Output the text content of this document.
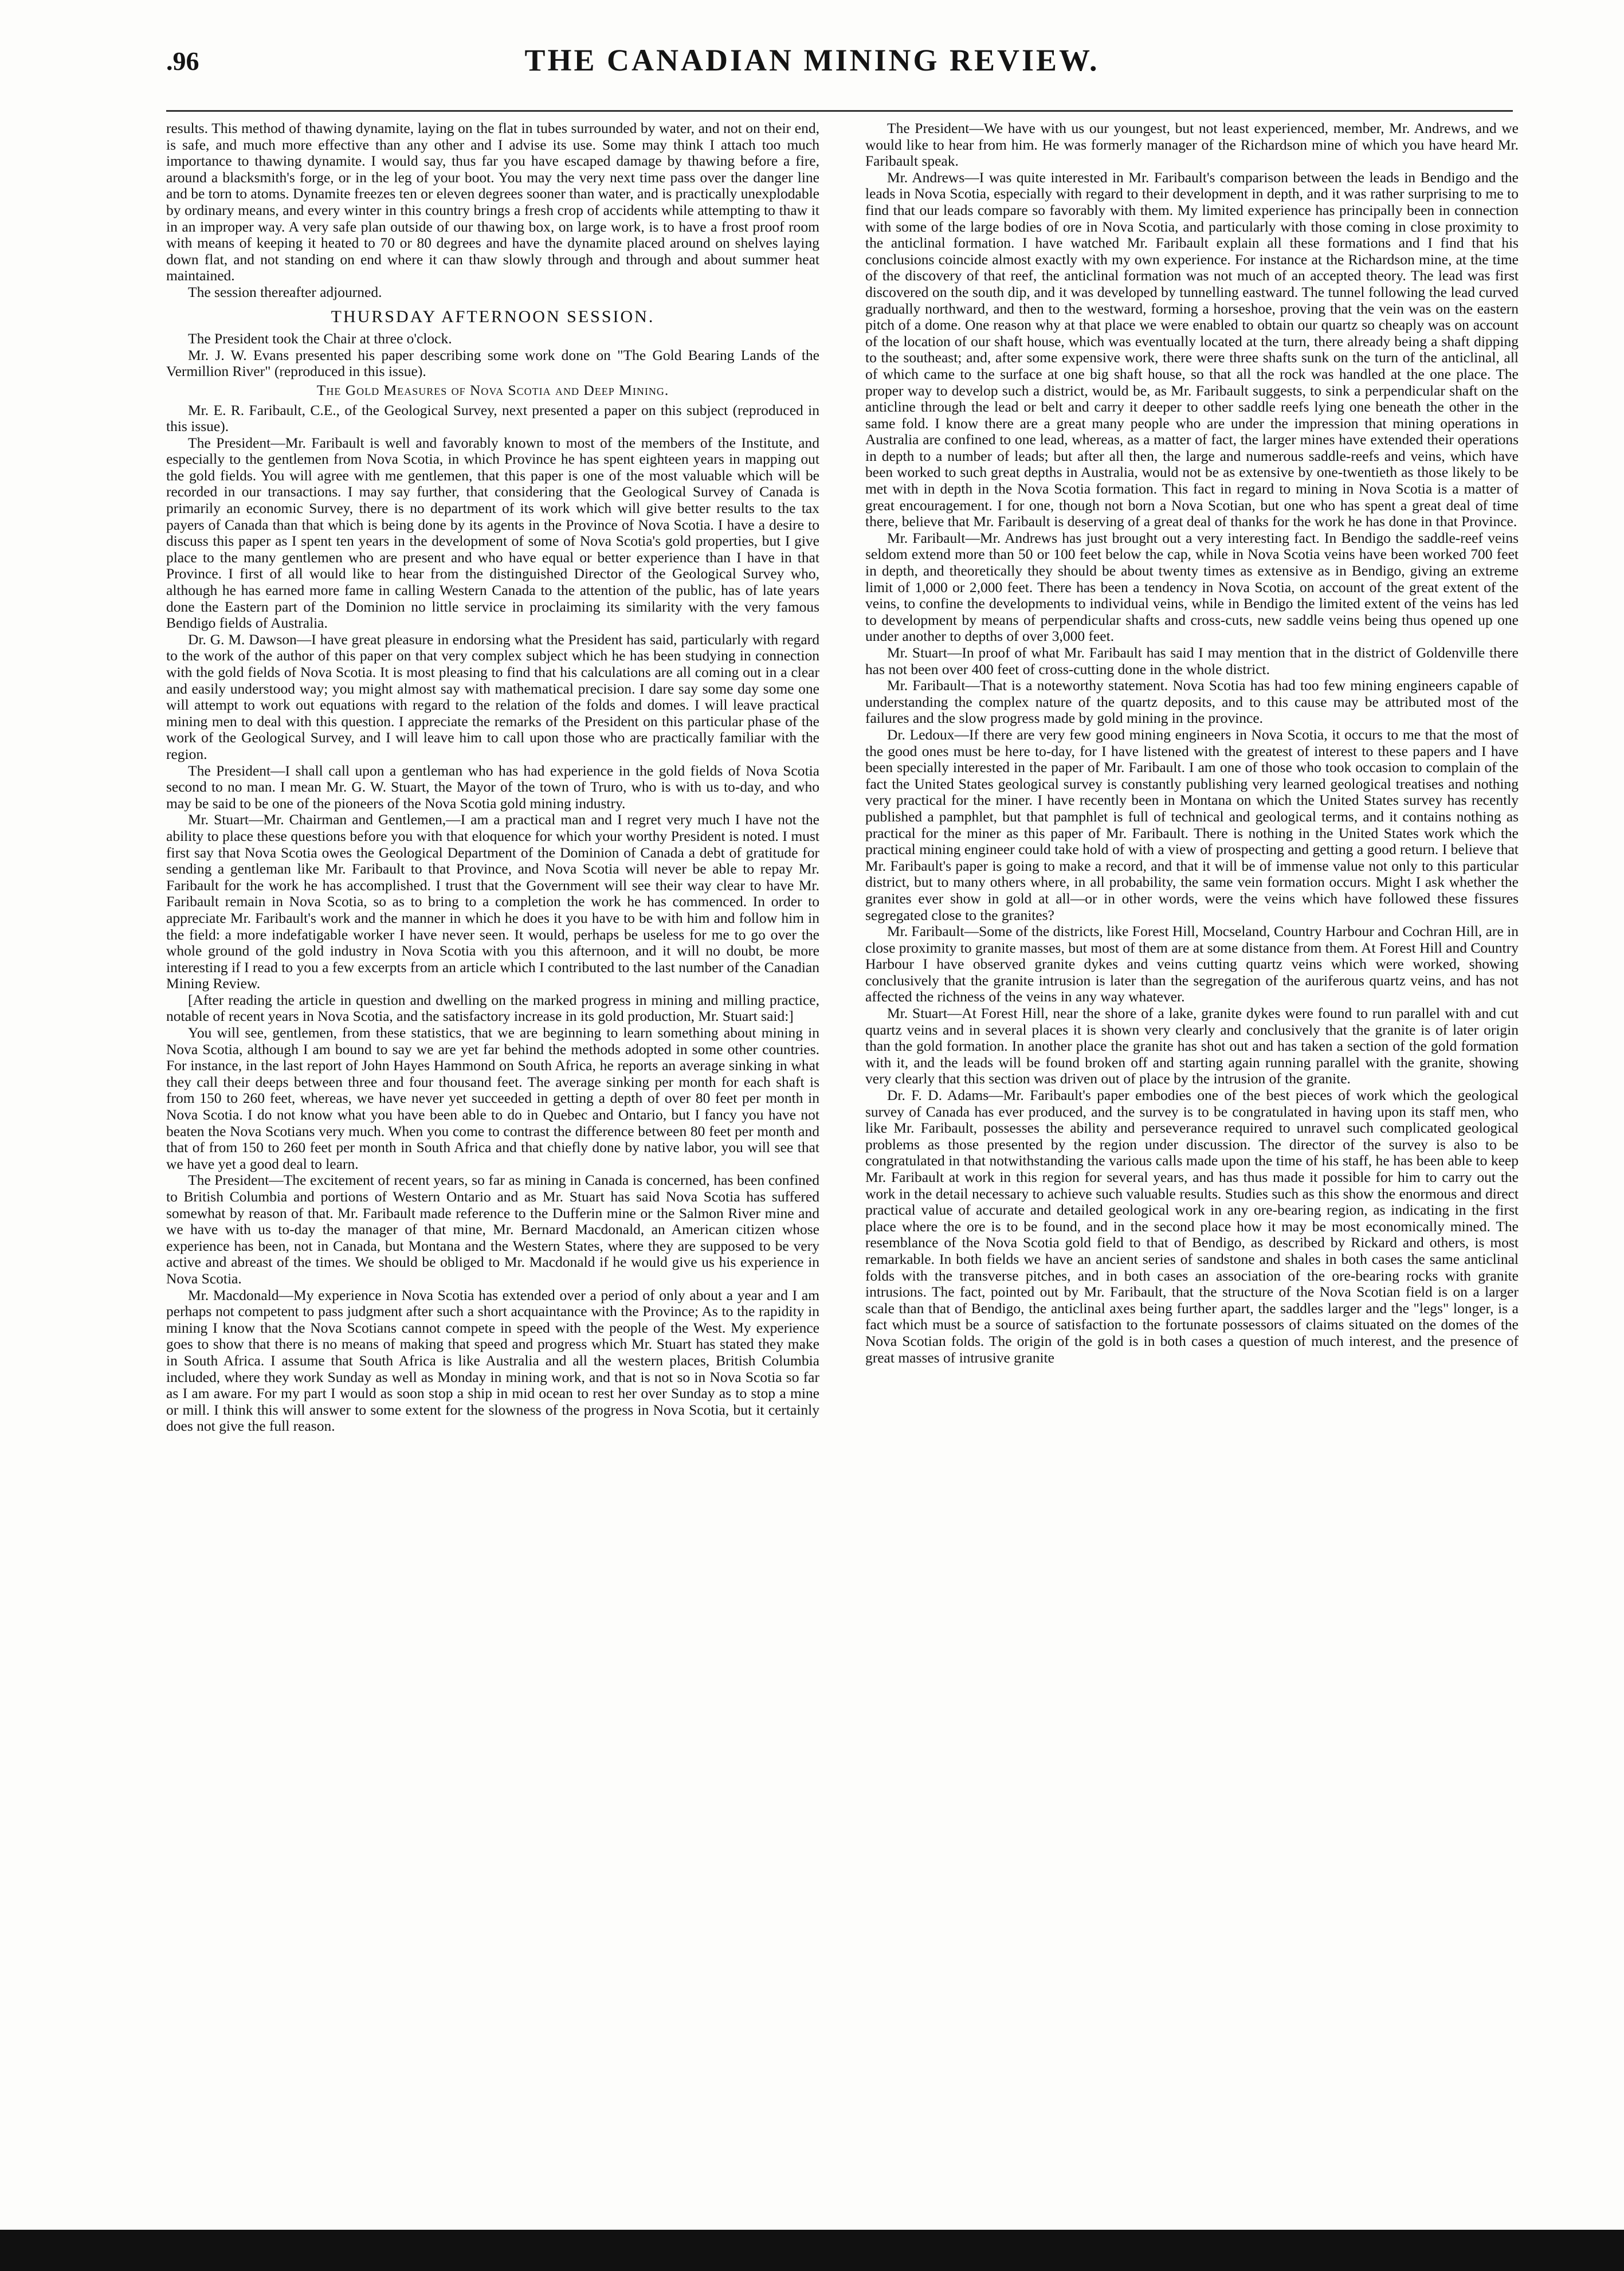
.96	THE CANADIAN MINING REVIEW.

results. This method of thawing dynamite, laying on the flat in tubes surrounded by water, and not on their end, is safe, and much more effective than any other and I advise its use. Some may think I attach too much importance to thawing dynamite. I would say, thus far you have escaped damage by thawing before a fire, around a blacksmith's forge, or in the leg of your boot. You may the very next time pass over the danger line and be torn to atoms. Dynamite freezes ten or eleven degrees sooner than water, and is practically unexplodable by ordinary means, and every winter in this country brings a fresh crop of accidents while attempting to thaw it in an improper way. A very safe plan outside of our thawing box, on large work, is to have a frost proof room with means of keeping it heated to 70 or 80 degrees and have the dynamite placed around on shelves laying down flat, and not standing on end where it can thaw slowly through and through and about summer heat maintained.

The session thereafter adjourned.

THURSDAY AFTERNOON SESSION.

The President took the Chair at three o'clock.

Mr. J. W. Evans presented his paper describing some work done on "The Gold Bearing Lands of the Vermillion River" (reproduced in this issue).

The Gold Measures of Nova Scotia and Deep Mining.

Mr. E. R. Faribault, C.E., of the Geological Survey, next presented a paper on this subject (reproduced in this issue).

The President—Mr. Faribault is well and favorably known to most of the members of the Institute, and especially to the gentlemen from Nova Scotia, in which Province he has spent eighteen years in mapping out the gold fields. You will agree with me gentlemen, that this paper is one of the most valuable which will be recorded in our transactions. I may say further, that considering that the Geological Survey of Canada is primarily an economic Survey, there is no department of its work which will give better results to the tax payers of Canada than that which is being done by its agents in the Province of Nova Scotia. I have a desire to discuss this paper as I spent ten years in the development of some of Nova Scotia's gold properties, but I give place to the many gentlemen who are present and who have equal or better experience than I have in that Province. I first of all would like to hear from the distinguished Director of the Geological Survey who, although he has earned more fame in calling Western Canada to the attention of the public, has of late years done the Eastern part of the Dominion no little service in proclaiming its similarity with the very famous Bendigo fields of Australia.

Dr. G. M. Dawson—I have great pleasure in endorsing what the President has said, particularly with regard to the work of the author of this paper on that very complex subject which he has been studying in connection with the gold fields of Nova Scotia. It is most pleasing to find that his calculations are all coming out in a clear and easily understood way; you might almost say with mathematical precision. I dare say some day some one will attempt to work out equations with regard to the relation of the folds and domes. I will leave practical mining men to deal with this question. I appreciate the remarks of the President on this particular phase of the work of the Geological Survey, and I will leave him to call upon those who are practically familiar with the region.

The President—I shall call upon a gentleman who has had experience in the gold fields of Nova Scotia second to no man. I mean Mr. G. W. Stuart, the Mayor of the town of Truro, who is with us to-day, and who may be said to be one of the pioneers of the Nova Scotia gold mining industry.

Mr. Stuart—Mr. Chairman and Gentlemen,—I am a practical man and I regret very much I have not the ability to place these questions before you with that eloquence for which your worthy President is noted. I must first say that Nova Scotia owes the Geological Department of the Dominion of Canada a debt of gratitude for sending a gentleman like Mr. Faribault to that Province, and Nova Scotia will never be able to repay Mr. Faribault for the work he has accomplished. I trust that the Government will see their way clear to have Mr. Faribault remain in Nova Scotia, so as to bring to a completion the work he has commenced. In order to appreciate Mr. Faribault's work and the manner in which he does it you have to be with him and follow him in the field: a more indefatigable worker I have never seen. It would, perhaps be useless for me to go over the whole ground of the gold industry in Nova Scotia with you this afternoon, and it will no doubt, be more interesting if I read to you a few excerpts from an article which I contributed to the last number of the Canadian Mining Review.

[After reading the article in question and dwelling on the marked progress in mining and milling practice, notable of recent years in Nova Scotia, and the satisfactory increase in its gold production, Mr. Stuart said:]

You will see, gentlemen, from these statistics, that we are beginning to learn something about mining in Nova Scotia, although I am bound to say we are yet far behind the methods adopted in some other countries. For instance, in the last report of John Hayes Hammond on South Africa, he reports an average sinking in what they call their deeps between three and four thousand feet. The average sinking per month for each shaft is from 150 to 260 feet, whereas, we have never yet succeeded in getting a depth of over 80 feet per month in Nova Scotia. I do not know what you have been able to do in Quebec and Ontario, but I fancy you have not beaten the Nova Scotians very much. When you come to contrast the difference between 80 feet per month and that of from 150 to 260 feet per month in South Africa and that chiefly done by native labor, you will see that we have yet a good deal to learn.

The President—The excitement of recent years, so far as mining in Canada is concerned, has been confined to British Columbia and portions of Western Ontario and as Mr. Stuart has said Nova Scotia has suffered somewhat by reason of that. Mr. Faribault made reference to the Dufferin mine or the Salmon River mine and we have with us to-day the manager of that mine, Mr. Bernard Macdonald, an American citizen whose experience has been, not in Canada, but Montana and the Western States, where they are supposed to be very active and abreast of the times. We should be obliged to Mr. Macdonald if he would give us his experience in Nova Scotia.

Mr. Macdonald—My experience in Nova Scotia has extended over a period of only about a year and I am perhaps not competent to pass judgment after such a short acquaintance with the Province; As to the rapidity in mining I know that the Nova Scotians cannot compete in speed with the people of the West. My experience goes to show that there is no means of making that speed and progress which Mr. Stuart has stated they make in South Africa. I assume that South Africa is like Australia and all the western places, British Columbia included, where they work Sunday as well as Monday in mining work, and that is not so in Nova Scotia so far as I am aware. For my part I would as soon stop a ship in mid ocean to rest her over Sunday as to stop a mine or mill. I think this will answer to some extent for the slowness of the progress in Nova Scotia, but it certainly does not give the full reason.

The President—We have with us our youngest, but not least experienced, member, Mr. Andrews, and we would like to hear from him. He was formerly manager of the Richardson mine of which you have heard Mr. Faribault speak.

Mr. Andrews—I was quite interested in Mr. Faribault's comparison between the leads in Bendigo and the leads in Nova Scotia, especially with regard to their development in depth, and it was rather surprising to me to find that our leads compare so favorably with them. My limited experience has principally been in connection with some of the large bodies of ore in Nova Scotia, and particularly with those coming in close proximity to the anticlinal formation. I have watched Mr. Faribault explain all these formations and I find that his conclusions coincide almost exactly with my own experience. For instance at the Richardson mine, at the time of the discovery of that reef, the anticlinal formation was not much of an accepted theory. The lead was first discovered on the south dip, and it was developed by tunnelling eastward. The tunnel following the lead curved gradually northward, and then to the westward, forming a horseshoe, proving that the vein was on the eastern pitch of a dome. One reason why at that place we were enabled to obtain our quartz so cheaply was on account of the location of our shaft house, which was eventually located at the turn, there already being a shaft dipping to the southeast; and, after some expensive work, there were three shafts sunk on the turn of the anticlinal, all of which came to the surface at one big shaft house, so that all the rock was handled at the one place. The proper way to develop such a district, would be, as Mr. Faribault suggests, to sink a perpendicular shaft on the anticline through the lead or belt and carry it deeper to other saddle reefs lying one beneath the other in the same fold. I know there are a great many people who are under the impression that mining operations in Australia are confined to one lead, whereas, as a matter of fact, the larger mines have extended their operations in depth to a number of leads; but after all then, the large and numerous saddle-reefs and veins, which have been worked to such great depths in Australia, would not be as extensive by one-twentieth as those likely to be met with in depth in the Nova Scotia formation. This fact in regard to mining in Nova Scotia is a matter of great encouragement. I for one, though not born a Nova Scotian, but one who has spent a great deal of time there, believe that Mr. Faribault is deserving of a great deal of thanks for the work he has done in that Province.

Mr. Faribault—Mr. Andrews has just brought out a very interesting fact. In Bendigo the saddle-reef veins seldom extend more than 50 or 100 feet below the cap, while in Nova Scotia veins have been worked 700 feet in depth, and theoretically they should be about twenty times as extensive as in Bendigo, giving an extreme limit of 1,000 or 2,000 feet. There has been a tendency in Nova Scotia, on account of the great extent of the veins, to confine the developments to individual veins, while in Bendigo the limited extent of the veins has led to development by means of perpendicular shafts and cross-cuts, new saddle veins being thus opened up one under another to depths of over 3,000 feet.

Mr. Stuart—In proof of what Mr. Faribault has said I may mention that in the district of Goldenville there has not been over 400 feet of cross-cutting done in the whole district.

Mr. Faribault—That is a noteworthy statement. Nova Scotia has had too few mining engineers capable of understanding the complex nature of the quartz deposits, and to this cause may be attributed most of the failures and the slow progress made by gold mining in the province.

Dr. Ledoux—If there are very few good mining engineers in Nova Scotia, it occurs to me that the most of the good ones must be here to-day, for I have listened with the greatest of interest to these papers and I have been specially interested in the paper of Mr. Faribault. I am one of those who took occasion to complain of the fact the United States geological survey is constantly publishing very learned geological treatises and nothing very practical for the miner. I have recently been in Montana on which the United States survey has recently published a pamphlet, but that pamphlet is full of technical and geological terms, and it contains nothing as practical for the miner as this paper of Mr. Faribault. There is nothing in the United States work which the practical mining engineer could take hold of with a view of prospecting and getting a good return. I believe that Mr. Faribault's paper is going to make a record, and that it will be of immense value not only to this particular district, but to many others where, in all probability, the same vein formation occurs. Might I ask whether the granites ever show in gold at all—or in other words, were the veins which have followed these fissures segregated close to the granites?

Mr. Faribault—Some of the districts, like Forest Hill, Mocseland, Country Harbour and Cochran Hill, are in close proximity to granite masses, but most of them are at some distance from them. At Forest Hill and Country Harbour I have observed granite dykes and veins cutting quartz veins which were worked, showing conclusively that the granite intrusion is later than the segregation of the auriferous quartz veins, and has not affected the richness of the veins in any way whatever.

Mr. Stuart—At Forest Hill, near the shore of a lake, granite dykes were found to run parallel with and cut quartz veins and in several places it is shown very clearly and conclusively that the granite is of later origin than the gold formation. In another place the granite has shot out and has taken a section of the gold formation with it, and the leads will be found broken off and starting again running parallel with the granite, showing very clearly that this section was driven out of place by the intrusion of the granite.

Dr. F. D. Adams—Mr. Faribault's paper embodies one of the best pieces of work which the geological survey of Canada has ever produced, and the survey is to be congratulated in having upon its staff men, who like Mr. Faribault, possesses the ability and perseverance required to unravel such complicated geological problems as those presented by the region under discussion. The director of the survey is also to be congratulated in that notwithstanding the various calls made upon the time of his staff, he has been able to keep Mr. Faribault at work in this region for several years, and has thus made it possible for him to carry out the work in the detail necessary to achieve such valuable results. Studies such as this show the enormous and direct practical value of accurate and detailed geological work in any ore-bearing region, as indicating in the first place where the ore is to be found, and in the second place how it may be most economically mined. The resemblance of the Nova Scotia gold field to that of Bendigo, as described by Rickard and others, is most remarkable. In both fields we have an ancient series of sandstone and shales in both cases the same anticlinal folds with the transverse pitches, and in both cases an association of the ore-bearing rocks with granite intrusions. The fact, pointed out by Mr. Faribault, that the structure of the Nova Scotian field is on a larger scale than that of Bendigo, the anticlinal axes being further apart, the saddles larger and the "legs" longer, is a fact which must be a source of satisfaction to the fortunate possessors of claims situated on the domes of the Nova Scotian folds. The origin of the gold is in both cases a question of much interest, and the presence of great masses of intrusive granite
